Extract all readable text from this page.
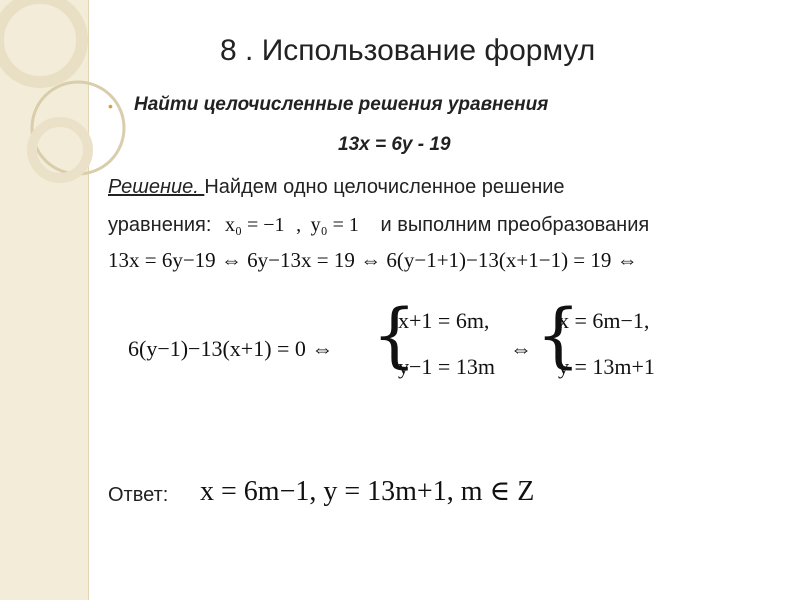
8 . Использование формул
• Найти целочисленные решения уравнения
13x = 6y - 19
Решение. Найдем одно целочисленное решение
уравнения: x₀ = −1 , y₀ = 1 и выполним преобразования
13x = 6y−19 ⇔ 6y−13x = 19 ⇔ 6(y−1+1)−13(x+1−1) = 19 ⇔
6(y−1)−13(x+1) = 0 ⇔ {
x+1 = 6m,
y−1 = 13m
⇔ {
x = 6m−1,
y = 13m+1
Ответ: x = 6m−1, y = 13m+1, m ∈ Z
